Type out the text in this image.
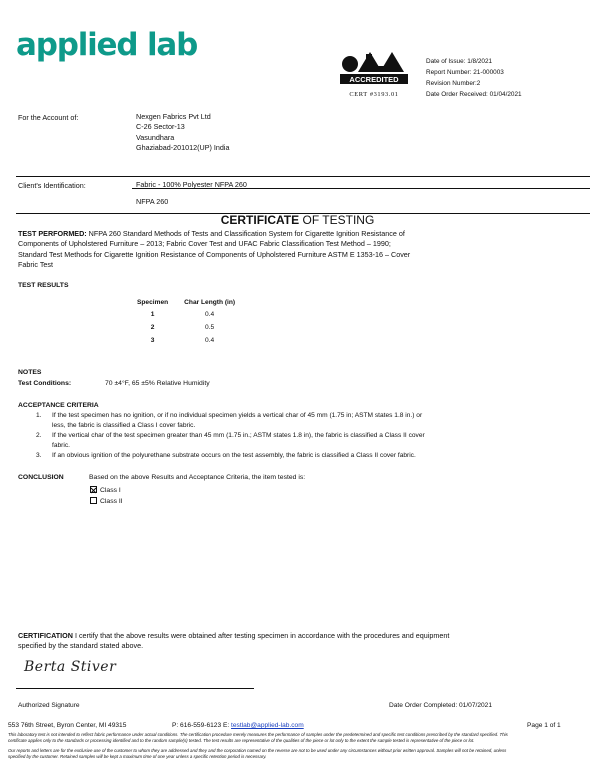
applied lab
ACCREDITED
CERT #3193.01
Date of Issue: 1/8/2021
Report Number: 21-000003
Revision Number:2
Date Order Received: 01/04/2021
For the Account of:	Nexgen Fabrics Pvt Ltd
C-26 Sector-13
Vasundhara
Ghaziabad-201012(UP) India
Client's Identification:	Fabric - 100% Polyester NFPA 260
NFPA 260
CERTIFICATE OF TESTING
TEST PERFORMED: NFPA 260 Standard Methods of Tests and Classification System for Cigarette Ignition Resistance of
Components of Upholstered Furniture – 2013; Fabric Cover Test and UFAC Fabric Classification Test Method – 1990;
Standard Test Methods for Cigarette Ignition Resistance of Components of Upholstered Furniture ASTM E 1353-16 – Cover
Fabric Test
TEST RESULTS
Specimen	Char Length (in)
1	0.4
2	0.5
3	0.4
NOTES
Test Conditions:	70 ±4°F, 65 ±5% Relative Humidity
ACCEPTANCE CRITERIA
1. If the test specimen has no ignition, or if no individual specimen yields a vertical char of 45 mm (1.75 in; ASTM states 1.8 in.) or
less, the fabric is classified a Class I cover fabric.
2. If the vertical char of the test specimen greater than 45 mm (1.75 in.; ASTM states 1.8 in), the fabric is classified a Class II cover
fabric.
3. If an obvious ignition of the polyurethane substrate occurs on the test assembly, the fabric is classified a Class II cover fabric.
CONCLUSION	Based on the above Results and Acceptance Criteria, the item tested is:
Class I
Class II
CERTIFICATION I certify that the above results were obtained after testing specimen in accordance with the procedures and equipment
specified by the standard stated above.
Berta Stiver
Authorized Signature	Date Order Completed: 01/07/2021
553 76th Street, Byron Center, MI 49315	P: 616-559-6123 E: testlab@applied-lab.com	Page 1 of 1
This laboratory test is not intended to reflect fabric performance under actual conditions. The certification procedure merely measures the performance of samples under the predetermined and specific test conditions prescribed by the standard specified. This
certificate applies only to the standards or processing identified and to the random sample(s) tested. The test results are representative of the qualities of the piece or lot only to the extent the sample tested is representative of the piece or lot.
Our reports and letters are for the exclusive use of the customer to whom they are addressed and they and the corporation named on the reverse are not to be used under any circumstances without prior written approval. Samples will not be retained, unless
specified by the customer. Retained samples will be kept a maximum time of one year unless a specific retention period is necessary.
